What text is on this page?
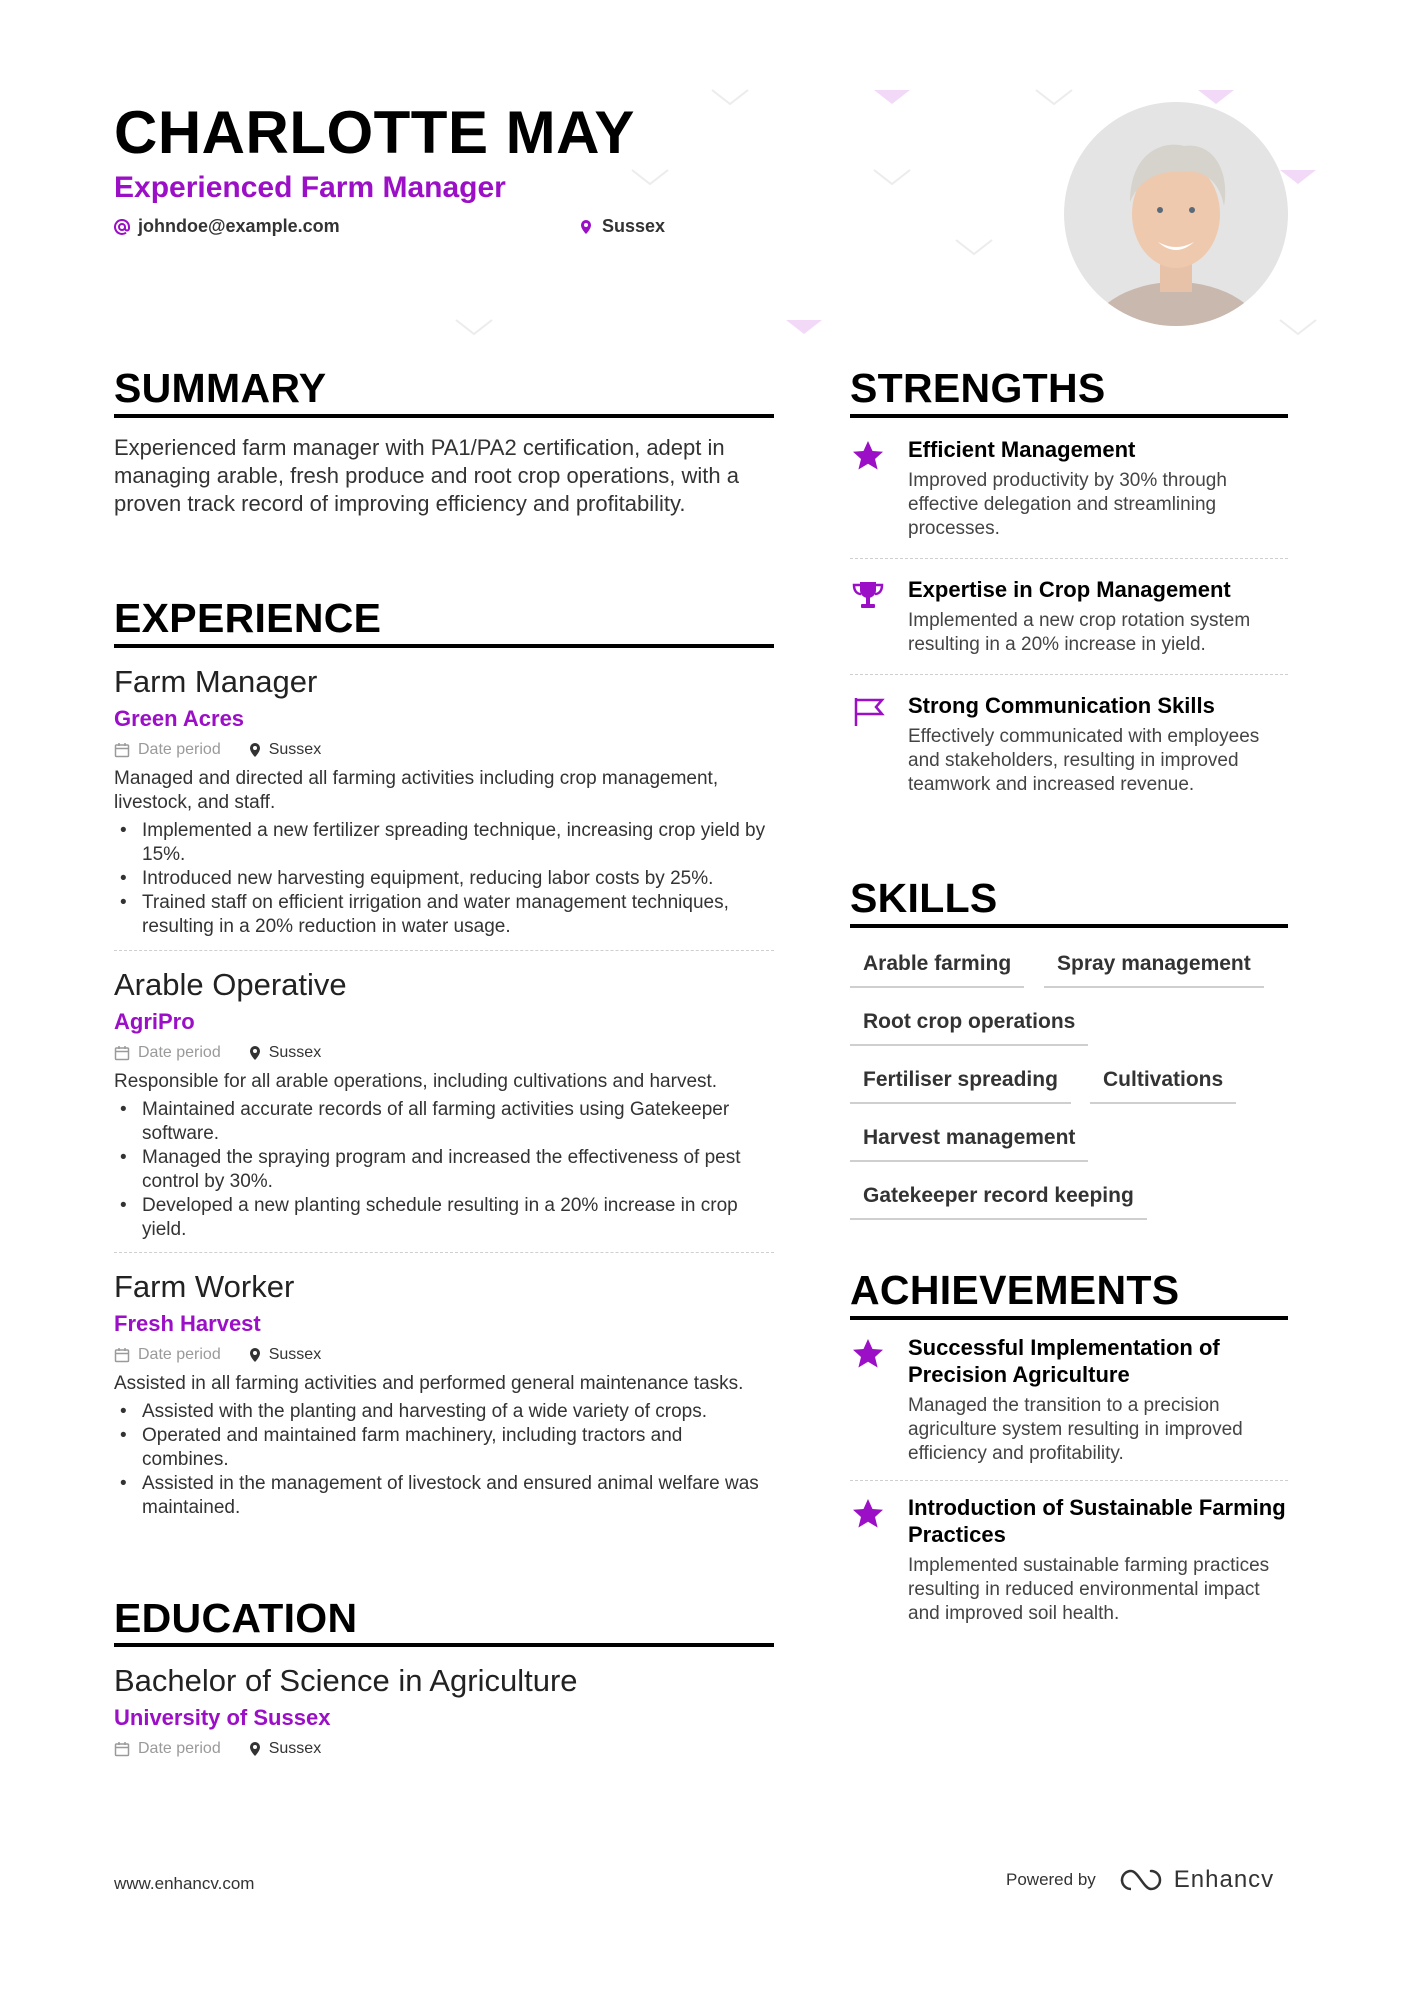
CHARLOTTE MAY
Experienced Farm Manager
johndoe@example.com	Sussex
SUMMARY
Experienced farm manager with PA1/PA2 certification, adept in managing arable, fresh produce and root crop operations, with a proven track record of improving efficiency and profitability.
EXPERIENCE
Farm Manager
Green Acres
Date period	Sussex
Managed and directed all farming activities including crop management, livestock, and staff.
• Implemented a new fertilizer spreading technique, increasing crop yield by 15%.
• Introduced new harvesting equipment, reducing labor costs by 25%.
• Trained staff on efficient irrigation and water management techniques, resulting in a 20% reduction in water usage.
Arable Operative
AgriPro
Date period	Sussex
Responsible for all arable operations, including cultivations and harvest.
• Maintained accurate records of all farming activities using Gatekeeper software.
• Managed the spraying program and increased the effectiveness of pest control by 30%.
• Developed a new planting schedule resulting in a 20% increase in crop yield.
Farm Worker
Fresh Harvest
Date period	Sussex
Assisted in all farming activities and performed general maintenance tasks.
• Assisted with the planting and harvesting of a wide variety of crops.
• Operated and maintained farm machinery, including tractors and combines.
• Assisted in the management of livestock and ensured animal welfare was maintained.
EDUCATION
Bachelor of Science in Agriculture
University of Sussex
Date period	Sussex
STRENGTHS
Efficient Management
Improved productivity by 30% through effective delegation and streamlining processes.
Expertise in Crop Management
Implemented a new crop rotation system resulting in a 20% increase in yield.
Strong Communication Skills
Effectively communicated with employees and stakeholders, resulting in improved teamwork and increased revenue.
SKILLS
Arable farming	Spray management
Root crop operations
Fertiliser spreading	Cultivations
Harvest management
Gatekeeper record keeping
ACHIEVEMENTS
Successful Implementation of Precision Agriculture
Managed the transition to a precision agriculture system resulting in improved efficiency and profitability.
Introduction of Sustainable Farming Practices
Implemented sustainable farming practices resulting in reduced environmental impact and improved soil health.
www.enhancv.com	Powered by	Enhancv
